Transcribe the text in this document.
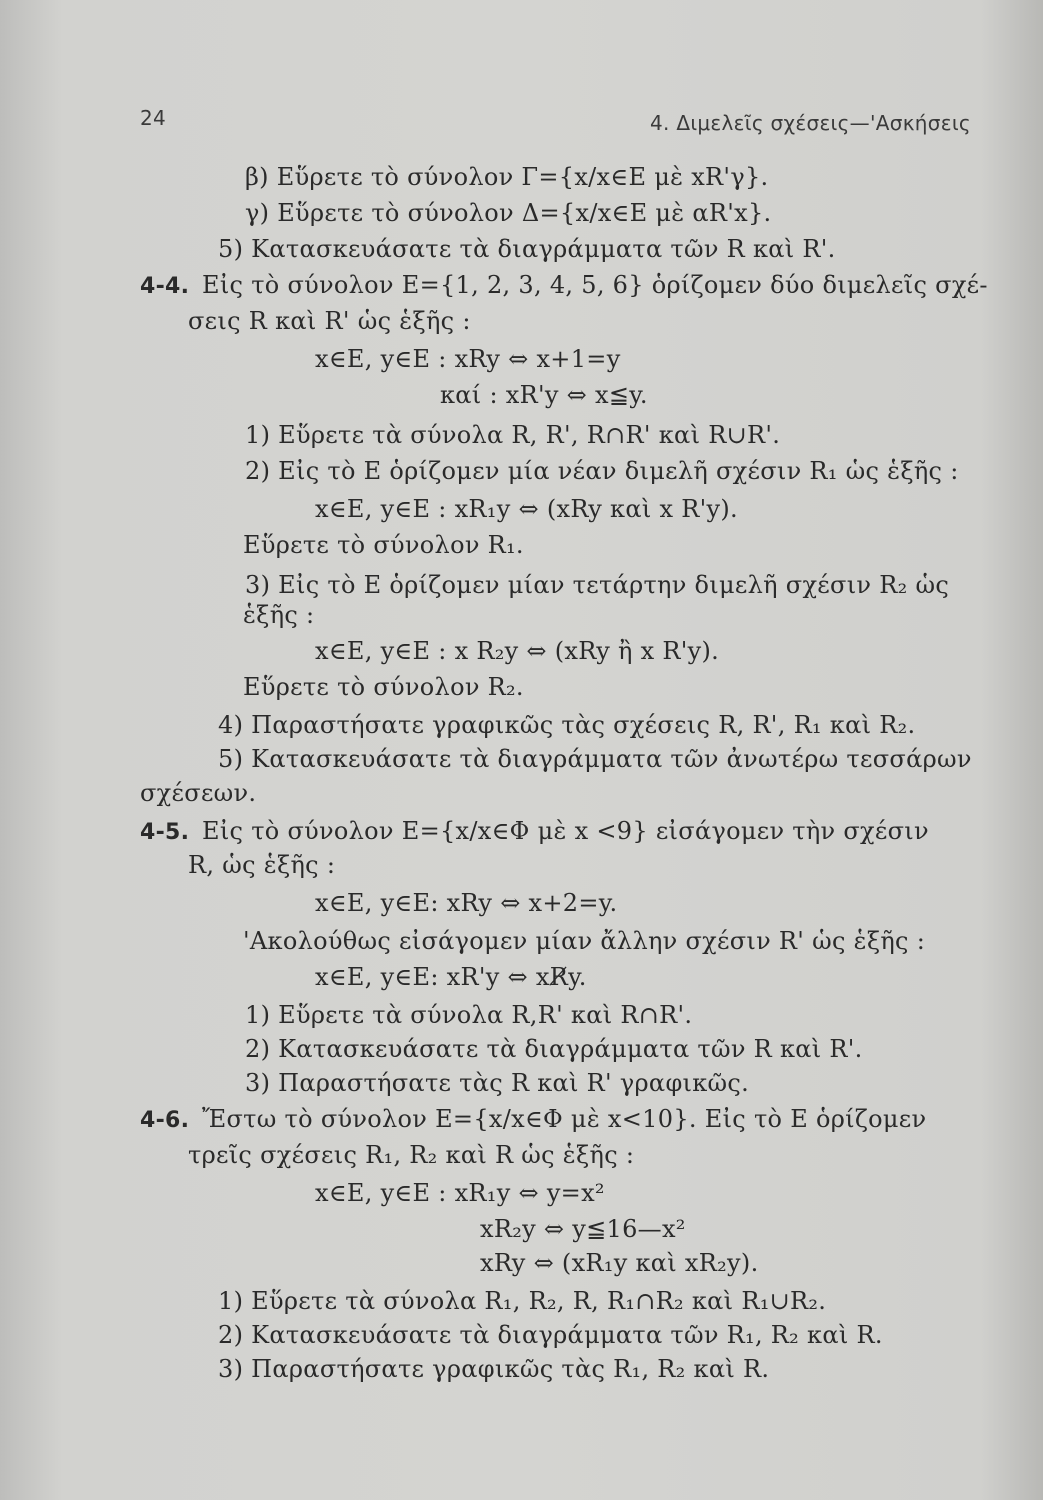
24	4. Διμελεῖς σχέσεις—'Ασκήσεις
β) Εὕρετε τὸ σύνολον Γ={x/x∈E μὲ xR'γ}.
γ) Εὕρετε τὸ σύνολον Δ={x/x∈E μὲ αR'x}.
5) Κατασκευάσατε τὰ διαγράμματα τῶν R καὶ R'.
4-4. Εἰς τὸ σύνολον E={1, 2, 3, 4, 5, 6} ὁρίζομεν δύο διμελεῖς σχέ-
σεις R καὶ R' ὡς ἑξῆς :
x∈E, y∈E : xRy ⇔ x+1=y
καί : xR'y ⇔ x≦y.
1) Εὕρετε τὰ σύνολα R, R', R∩R' καὶ R∪R'.
2) Εἰς τὸ E ὁρίζομεν μία νέαν διμελῆ σχέσιν R₁ ὡς ἑξῆς :
x∈E, y∈E : xR₁y ⇔ (xRy καὶ x R'y).
Εὕρετε τὸ σύνολον R₁.
3) Εἰς τὸ E ὁρίζομεν μίαν τετάρτην διμελῆ σχέσιν R₂ ὡς
ἑξῆς :
x∈E, y∈E : x R₂y ⇔ (xRy ἢ x R'y).
Εὕρετε τὸ σύνολον R₂.
4) Παραστήσατε γραφικῶς τὰς σχέσεις R, R', R₁ καὶ R₂.
5) Κατασκευάσατε τὰ διαγράμματα τῶν ἀνωτέρω τεσσάρων
σχέσεων.
4-5. Εἰς τὸ σύνολον E={x/x∈Φ μὲ x <9} εἰσάγομεν τὴν σχέσιν
R, ὡς ἑξῆς :
x∈E, y∈E: xRy ⇔ x+2=y.
'Ακολούθως εἰσάγομεν μίαν ἄλλην σχέσιν R' ὡς ἑξῆς :
x∈E, y∈E: xR'y ⇔ xR̸y.
1) Εὕρετε τὰ σύνολα R,R' καὶ R∩R'.
2) Κατασκευάσατε τὰ διαγράμματα τῶν R καὶ R'.
3) Παραστήσατε τὰς R καὶ R' γραφικῶς.
4-6. Ἔστω τὸ σύνολον E={x/x∈Φ μὲ x<10}. Εἰς τὸ E ὁρίζομεν
τρεῖς σχέσεις R₁, R₂ καὶ R ὡς ἑξῆς :
x∈E, y∈E : xR₁y ⇔ y=x²
xR₂y ⇔ y≦16—x²
xRy ⇔ (xR₁y καὶ xR₂y).
1) Εὕρετε τὰ σύνολα R₁, R₂, R, R₁∩R₂ καὶ R₁∪R₂.
2) Κατασκευάσατε τὰ διαγράμματα τῶν R₁, R₂ καὶ R.
3) Παραστήσατε γραφικῶς τὰς R₁, R₂ καὶ R.
